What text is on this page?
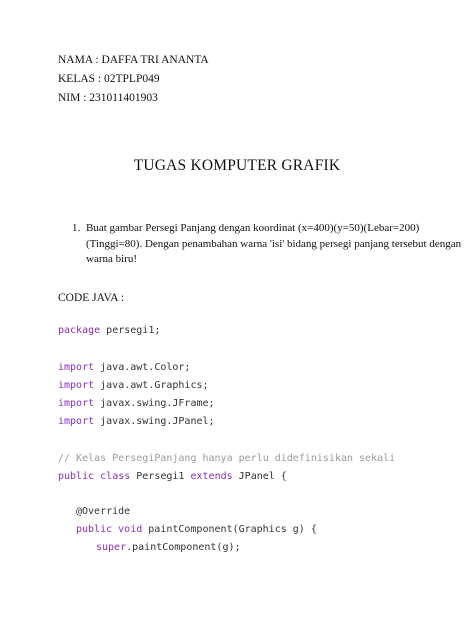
NAMA : DAFFA TRI ANANTA
KELAS : 02TPLP049
NIM : 231011401903
TUGAS KOMPUTER GRAFIK
1. Buat gambar Persegi Panjang dengan koordinat (x=400)(y=50)(Lebar=200)
(Tinggi=80). Dengan penambahan warna 'isi' bidang persegi panjang tersebut dengan
warna biru!
CODE JAVA :
package persegi1;
import java.awt.Color;
import java.awt.Graphics;
import javax.swing.JFrame;
import javax.swing.JPanel;
// Kelas PersegiPanjang hanya perlu didefinisikan sekali
public class Persegi1 extends JPanel {
@Override
public void paintComponent(Graphics g) {
super.paintComponent(g);
